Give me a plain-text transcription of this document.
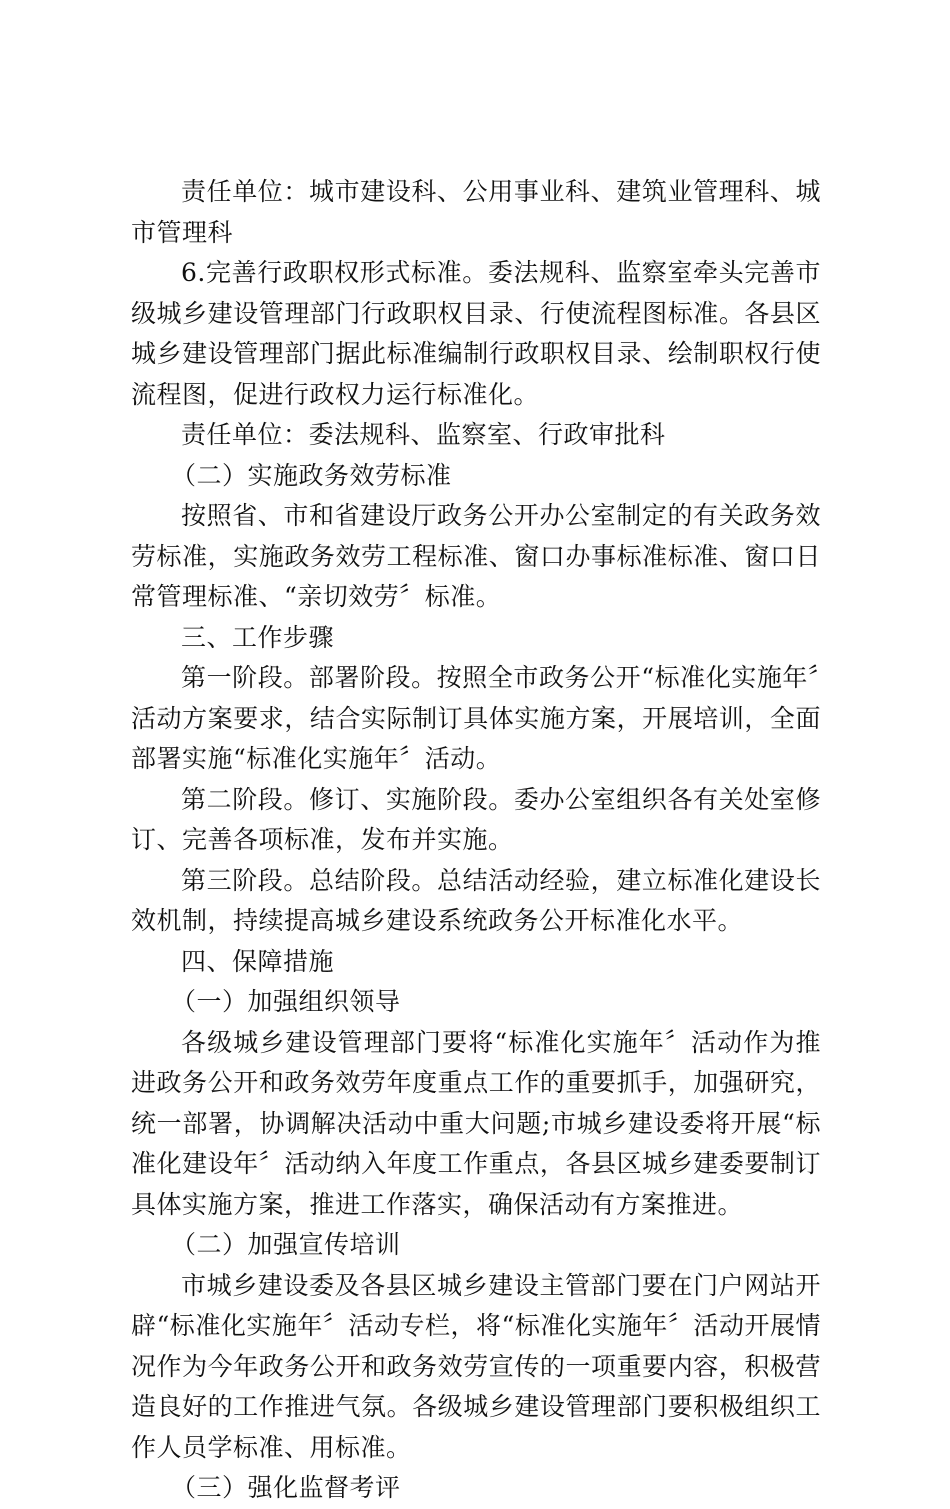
责任单位：城市建设科、公用事业科、建筑业管理科、城市管理科

6.完善行政职权形式标准。委法规科、监察室牵头完善市级城乡建设管理部门行政职权目录、行使流程图标准。各县区城乡建设管理部门据此标准编制行政职权目录、绘制职权行使流程图，促进行政权力运行标准化。

责任单位：委法规科、监察室、行政审批科

（二）实施政务效劳标准

按照省、市和省建设厅政务公开办公室制定的有关政务效劳标准，实施政务效劳工程标准、窗口办事标准标准、窗口日常管理标准、“亲切效劳〞标准。

三、工作步骤

第一阶段。部署阶段。按照全市政务公开“标准化实施年〞活动方案要求，结合实际制订具体实施方案，开展培训，全面部署实施“标准化实施年〞活动。

第二阶段。修订、实施阶段。委办公室组织各有关处室修订、完善各项标准，发布并实施。

第三阶段。总结阶段。总结活动经验，建立标准化建设长效机制，持续提高城乡建设系统政务公开标准化水平。

四、保障措施

（一）加强组织领导

各级城乡建设管理部门要将“标准化实施年〞活动作为推进政务公开和政务效劳年度重点工作的重要抓手，加强研究，统一部署，协调解决活动中重大问题;市城乡建设委将开展“标准化建设年〞活动纳入年度工作重点，各县区城乡建委要制订具体实施方案，推进工作落实，确保活动有方案推进。

（二）加强宣传培训

市城乡建设委及各县区城乡建设主管部门要在门户网站开辟“标准化实施年〞活动专栏，将“标准化实施年〞活动开展情况作为今年政务公开和政务效劳宣传的一项重要内容，积极营造良好的工作推进气氛。各级城乡建设管理部门要积极组织工作人员学标准、用标准。

（三）强化监督考评
